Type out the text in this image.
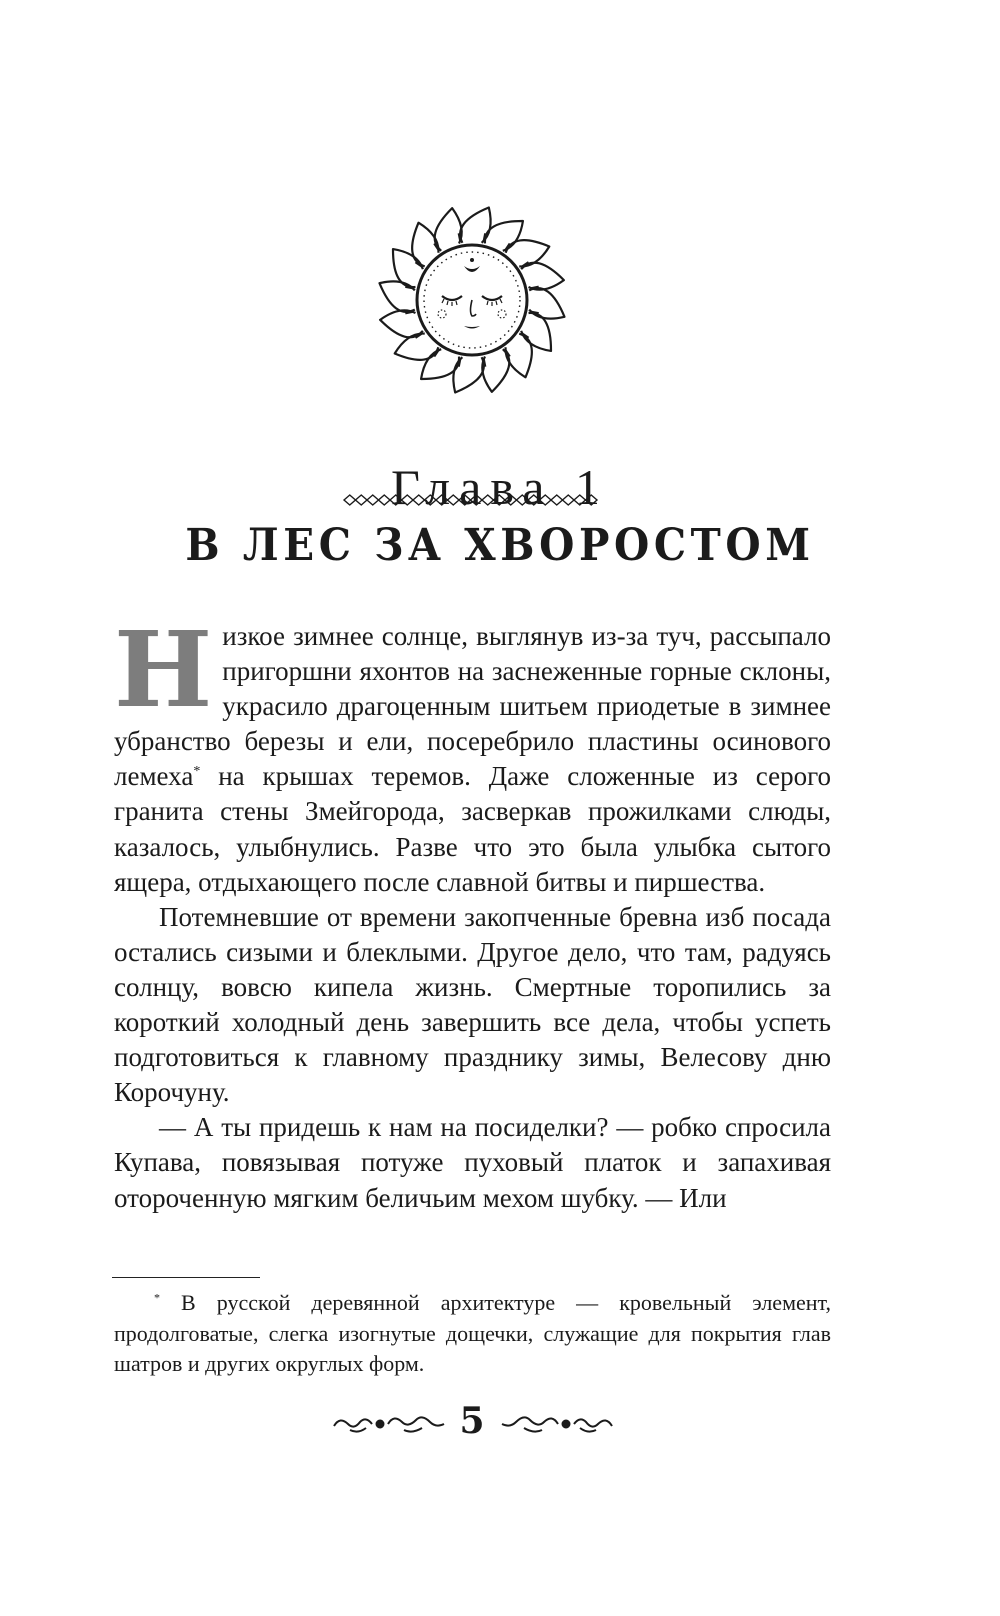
Глава 1
В ЛЕС ЗА ХВОРОСТОМ

Низкое зимнее солнце, выглянув из-за туч, рассыпало пригоршни яхонтов на заснеженные горные склоны, украсило драгоценным шитьем приодетые в зимнее убранство березы и ели, посеребрило пластины осинового лемеха* на крышах теремов. Даже сложенные из серого гранита стены Змейгорода, засверкав прожилками слюды, казалось, улыбнулись. Разве что это была улыбка сытого ящера, отдыхающего после славной битвы и пиршества.

Потемневшие от времени закопченные бревна изб посада остались сизыми и блеклыми. Другое дело, что там, радуясь солнцу, вовсю кипела жизнь. Смертные торопились за короткий холодный день завершить все дела, чтобы успеть подготовиться к главному празднику зимы, Велесову дню Корочуну.

— А ты придешь к нам на посиделки? — робко спросила Купава, повязывая потуже пуховый платок и запахивая отороченную мягким беличьим мехом шубку. — Или

* В русской деревянной архитектуре — кровельный элемент, продолговатые, слегка изогнутые дощечки, служащие для покрытия глав шатров и других округлых форм.
5
